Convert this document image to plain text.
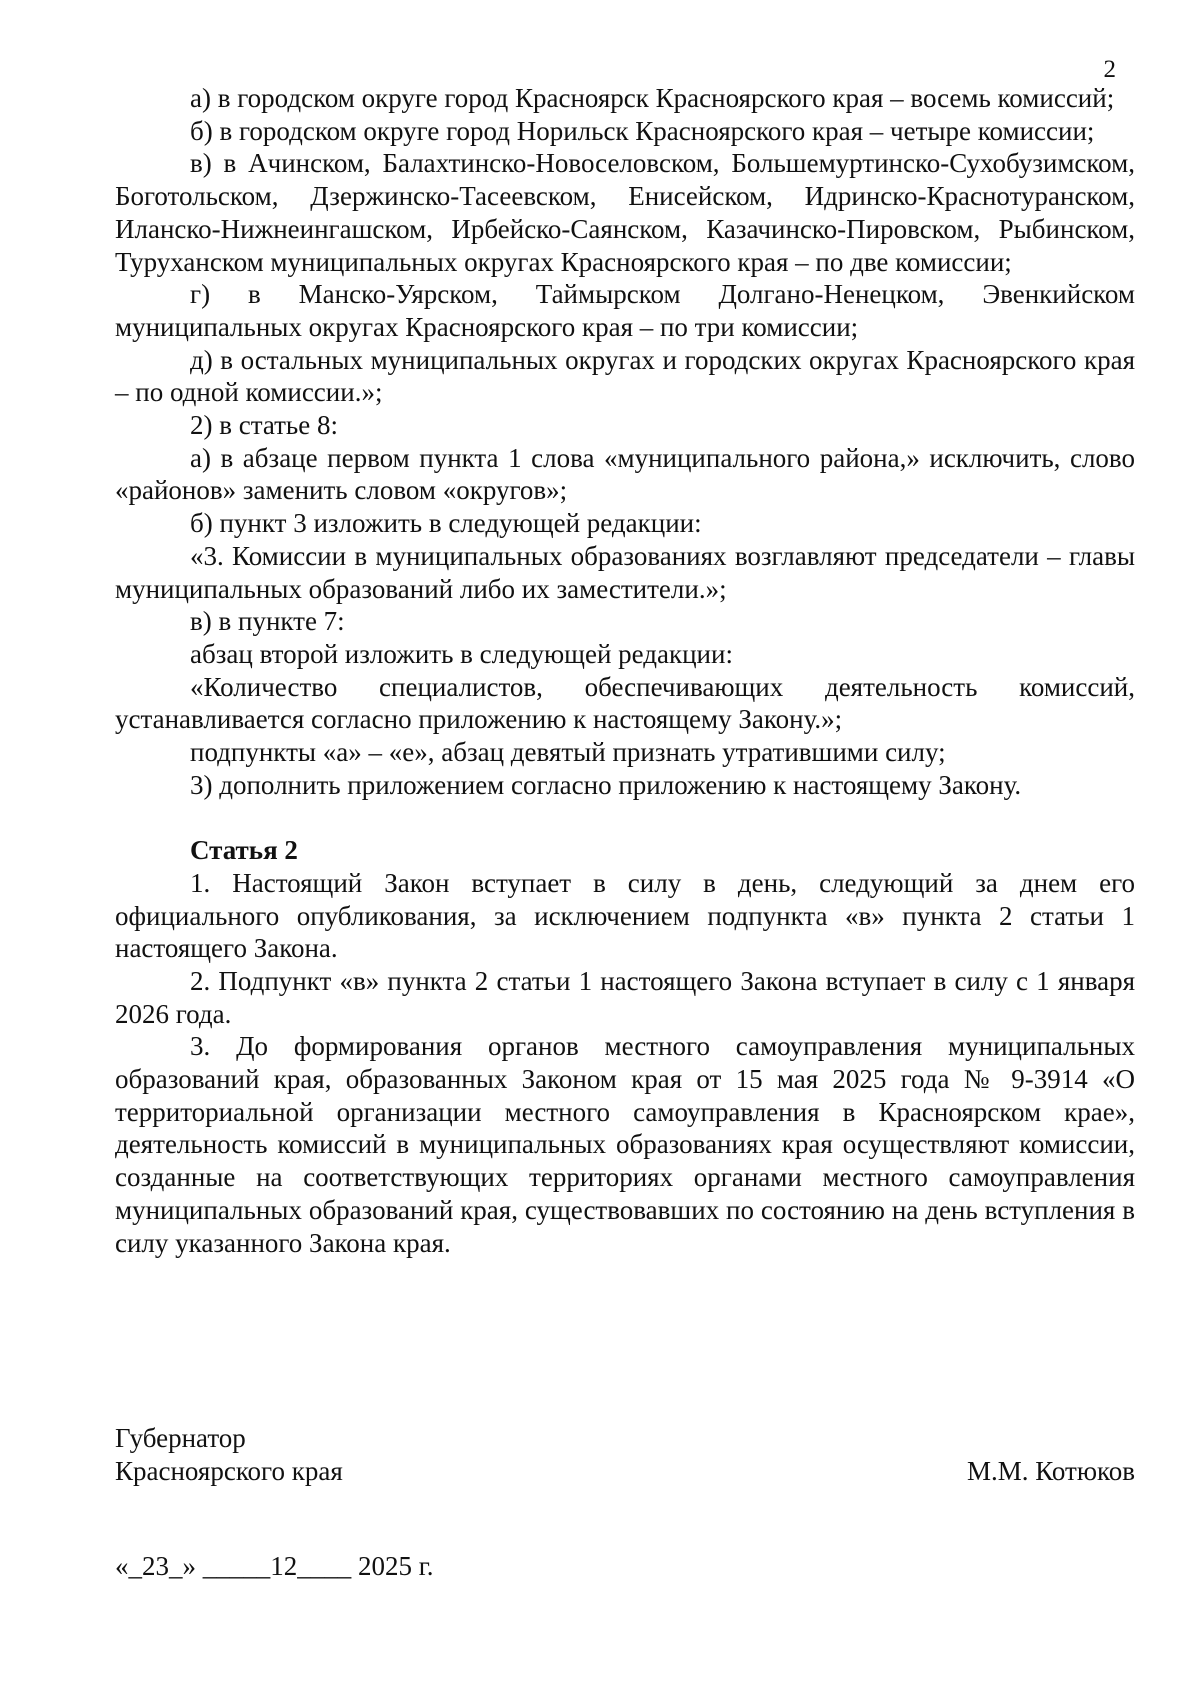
2

а) в городском округе город Красноярск Красноярского края – восемь комиссий;

б) в городском округе город Норильск Красноярского края – четыре комиссии;

в) в Ачинском, Балахтинско-Новоселовском, Большемуртинско-Сухобузимском, Боготольском, Дзержинско-Тасеевском, Енисейском, Идринско-Краснотуранском, Иланско-Нижнеингашском, Ирбейско-Саянском, Казачинско-Пировском, Рыбинском, Туруханском муниципальных округах Красноярского края – по две комиссии;

г) в Манско-Уярском, Таймырском Долгано-Ненецком, Эвенкийском муниципальных округах Красноярского края – по три комиссии;

д) в остальных муниципальных округах и городских округах Красноярского края – по одной комиссии.»;

2) в статье 8:

а) в абзаце первом пункта 1 слова «муниципального района,» исключить, слово «районов» заменить словом «округов»;

б) пункт 3 изложить в следующей редакции:

«3. Комиссии в муниципальных образованиях возглавляют председатели – главы муниципальных образований либо их заместители.»;

в) в пункте 7:

абзац второй изложить в следующей редакции:

«Количество специалистов, обеспечивающих деятельность комиссий, устанавливается согласно приложению к настоящему Закону.»;

подпункты «а» – «е», абзац девятый признать утратившими силу;

3) дополнить приложением согласно приложению к настоящему Закону.

Статья 2

1. Настоящий Закон вступает в силу в день, следующий за днем его официального опубликования, за исключением подпункта «в» пункта 2 статьи 1 настоящего Закона.

2. Подпункт «в» пункта 2 статьи 1 настоящего Закона вступает в силу с 1 января 2026 года.

3. До формирования органов местного самоуправления муниципальных образований края, образованных Законом края от 15 мая 2025 года № 9-3914 «О территориальной организации местного самоуправления в Красноярском крае», деятельность комиссий в муниципальных образованиях края осуществляют комиссии, созданные на соответствующих территориях органами местного самоуправления муниципальных образований края, существовавших по состоянию на день вступления в силу указанного Закона края.

Губернатор
Красноярского края	М.М. Котюков
«_23_» _____12____ 2025 г.
